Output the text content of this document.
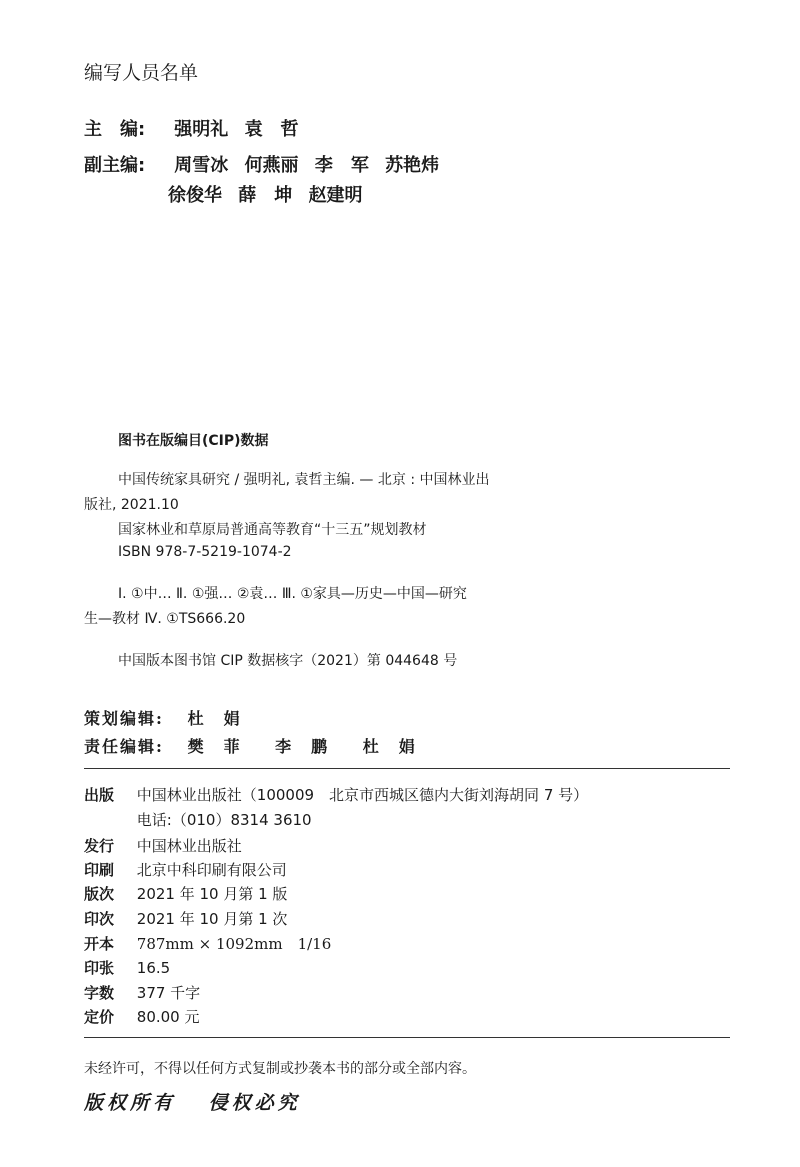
编写人员名单
主　编: 强明礼 袁　哲
副主编: 周雪冰 何燕丽 李　军 苏艳炜
徐俊华 薛　坤 赵建明
图书在版编目(CIP)数据
中国传统家具研究 / 强明礼, 袁哲主编. — 北京 : 中国林业出
版社, 2021.10
国家林业和草原局普通高等教育“十三五”规划教材
ISBN 978-7-5219-1074-2
Ⅰ. ①中… Ⅱ. ①强… ②袁… Ⅲ. ①家具—历史—中国—研究
生—教材 Ⅳ. ①TS666.20
中国版本图书馆 CIP 数据核字（2021）第 044648 号
策划编辑: 杜　娟
责任编辑: 樊　菲 李　鹏 杜　娟
出版 中国林业出版社（100009　北京市西城区德内大街刘海胡同 7 号）
电话:（010）8314 3610
发行 中国林业出版社
印刷 北京中科印刷有限公司
版次 2021 年 10 月第 1 版
印次 2021 年 10 月第 1 次
开本 787mm × 1092mm　1/16
印张 16.5
字数 377 千字
定价 80.00 元
未经许可，不得以任何方式复制或抄袭本书的部分或全部内容。
版权所有 侵权必究
